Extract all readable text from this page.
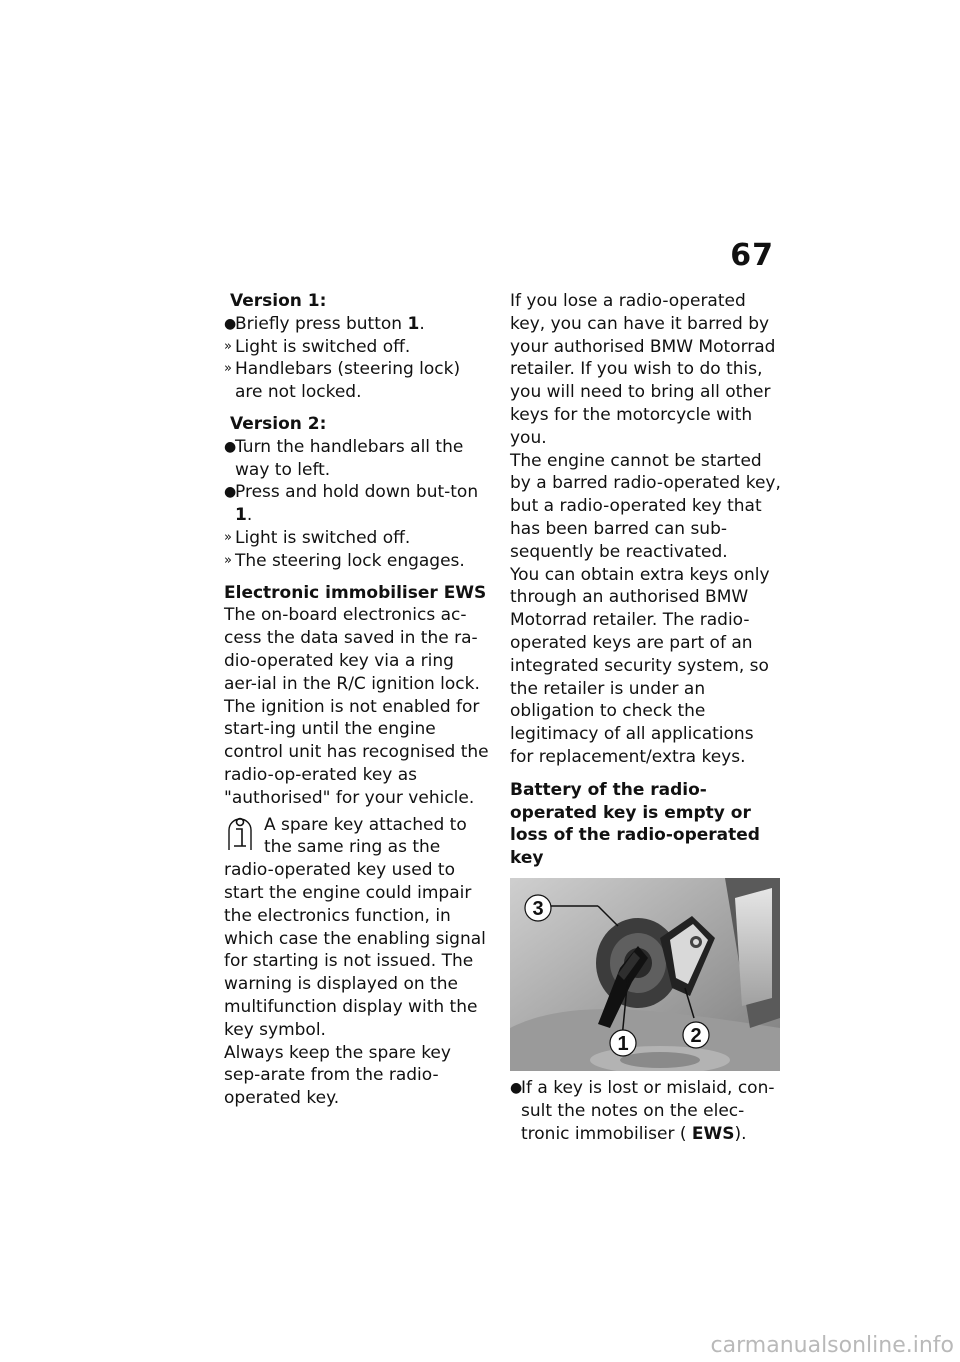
67

Version 1:

●
Briefly press button 1.
» Light is switched off.
» Handlebars (steering lock) are not locked.

Version 2:

●
Turn the handlebars all the way to left.
●
Press and hold down but-ton 1.
» Light is switched off.
» The steering lock engages.

Electronic immobiliser EWS

The on-board electronics ac-cess the data saved in the ra-dio-operated key via a ring aer-ial in the R/C ignition lock. The ignition is not enabled for start-ing until the engine control unit has recognised the radio-op-erated key as "authorised" for your vehicle.

A spare key attached to the same ring as the

radio-operated key used to start the engine could impair the electronics function, in which case the enabling signal for starting is not issued. The warning is displayed on the multifunction display with the key symbol.

Always keep the spare key sep-arate from the radio-operated key.

If you lose a radio-operated key, you can have it barred by your authorised BMW Motorrad retailer. If you wish to do this, you will need to bring all other keys for the motorcycle with you.

The engine cannot be started by a barred radio-operated key, but a radio-operated key that has been barred can sub-sequently be reactivated.

You can obtain extra keys only through an authorised BMW Motorrad retailer. The radio-operated keys are part of an integrated security system, so the retailer is under an obligation to check the legitimacy of all applications for replacement/extra keys.

Battery of the radio-operated key is empty or loss of the radio-operated key

3
1	2
●
If a key is lost or mislaid, con-sult the notes on the elec-tronic immobiliser ( EWS).
carmanualsonline.info
